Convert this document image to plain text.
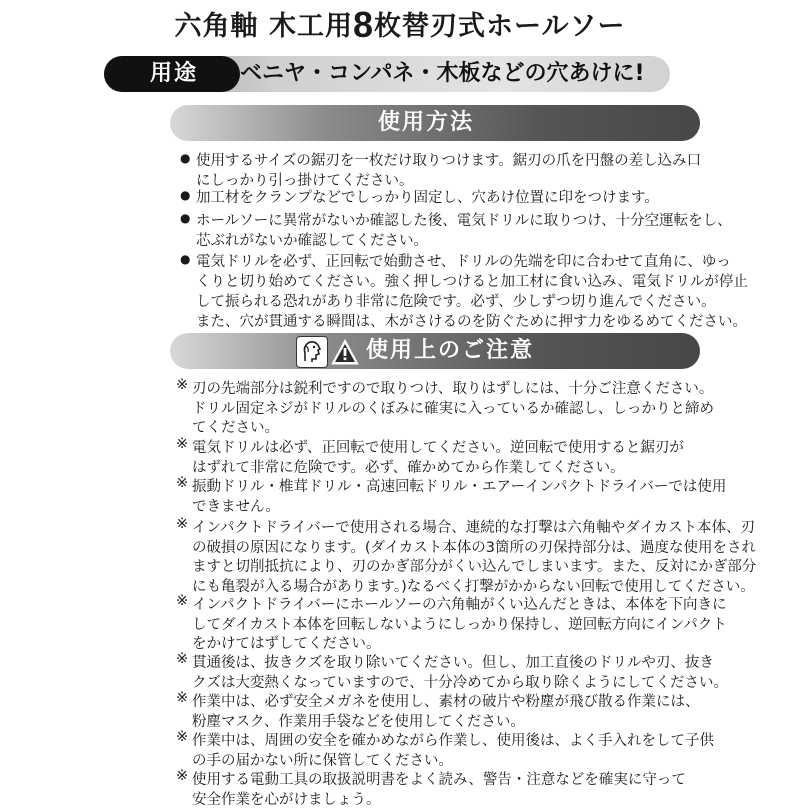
六角軸 木工用8枚替刃式ホールソー
用途 ベニヤ・コンパネ・木板などの穴あけに!
使用方法
● 使用するサイズの鋸刃を一枚だけ取りつけます。鋸刃の爪を円盤の差し込み口
にしっかり引っ掛けてください。
● 加工材をクランプなどでしっかり固定し、穴あけ位置に印をつけます。
● ホールソーに異常がないか確認した後、電気ドリルに取りつけ、十分空運転をし、
芯ぶれがないか確認してください。
● 電気ドリルを必ず、正回転で始動させ、ドリルの先端を印に合わせて直角に、ゆっ
くりと切り始めてください。強く押しつけると加工材に食い込み、電気ドリルが停止
して振られる恐れがあり非常に危険です。必ず、少しずつ切り進んでください。
また、穴が貫通する瞬間は、木がさけるのを防ぐために押す力をゆるめてください。
使用上のご注意
※ 刃の先端部分は鋭利ですので取りつけ、取りはずしには、十分ご注意ください。
ドリル固定ネジがドリルのくぼみに確実に入っているか確認し、しっかりと締め
てください。
※ 電気ドリルは必ず、正回転で使用してください。逆回転で使用すると鋸刃が
はずれて非常に危険です。必ず、確かめてから作業してください。
※ 振動ドリル・椎茸ドリル・高速回転ドリル・エアーインパクトドライバーでは使用
できません。
※ インパクトドライバーで使用される場合、連続的な打撃は六角軸やダイカスト本体、刃
の破損の原因になります。(ダイカスト本体の3箇所の刃保持部分は、過度な使用をされ
ますと切削抵抗により、刃のかぎ部分がくい込んでしまいます。また、反対にかぎ部分
にも亀裂が入る場合があります。)なるべく打撃がかからない回転で使用してください。
※ インパクトドライバーにホールソーの六角軸がくい込んだときは、本体を下向きに
してダイカスト本体を回転しないようにしっかり保持し、逆回転方向にインパクト
をかけてはずしてください。
※ 貫通後は、抜きクズを取り除いてください。但し、加工直後のドリルや刃、抜き
クズは大変熱くなっていますので、十分冷めてから取り除くようにしてください。
※ 作業中は、必ず安全メガネを使用し、素材の破片や粉塵が飛び散る作業には、
粉塵マスク、作業用手袋などを使用してください。
※ 作業中は、周囲の安全を確かめながら作業し、使用後は、よく手入れをして子供
の手の届かない所に保管してください。
※ 使用する電動工具の取扱説明書をよく読み、警告・注意などを確実に守って
安全作業を心がけましょう。
